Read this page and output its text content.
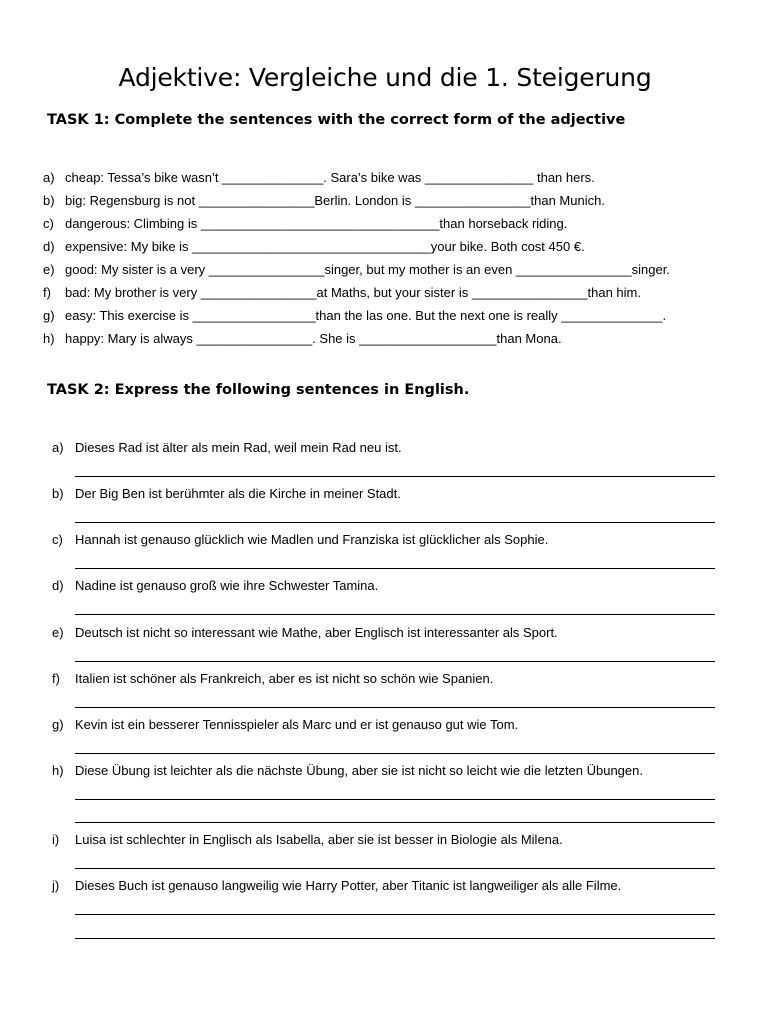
Adjektive: Vergleiche und die 1. Steigerung
TASK 1: Complete the sentences with the correct form of the adjective
a) cheap: Tessa’s bike wasn’t ______________. Sara’s bike was _______________ than hers.
b) big: Regensburg is not ________________Berlin. London is ________________than Munich.
c) dangerous: Climbing is _________________________________than horseback riding.
d) expensive: My bike is _________________________________your bike. Both cost 450 €.
e) good: My sister is a very ________________singer, but my mother is an even ________________singer.
f) bad: My brother is very ________________at Maths, but your sister is ________________than him.
g) easy: This exercise is _________________than the las one. But the next one is really ______________.
h) happy: Mary is always ________________. She is ___________________than Mona.
TASK 2: Express the following sentences in English.
a) Dieses Rad ist älter als mein Rad, weil mein Rad neu ist.
b) Der Big Ben ist berühmter als die Kirche in meiner Stadt.
c) Hannah ist genauso glücklich wie Madlen und Franziska ist glücklicher als Sophie.
d) Nadine ist genauso groß wie ihre Schwester Tamina.
e) Deutsch ist nicht so interessant wie Mathe, aber Englisch ist interessanter als Sport.
f) Italien ist schöner als Frankreich, aber es ist nicht so schön wie Spanien.
g) Kevin ist ein besserer Tennisspieler als Marc und er ist genauso gut wie Tom.
h) Diese Übung ist leichter als die nächste Übung, aber sie ist nicht so leicht wie die letzten Übungen.
i) Luisa ist schlechter in Englisch als Isabella, aber sie ist besser in Biologie als Milena.
j) Dieses Buch ist genauso langweilig wie Harry Potter, aber Titanic ist langweiliger als alle Filme.
